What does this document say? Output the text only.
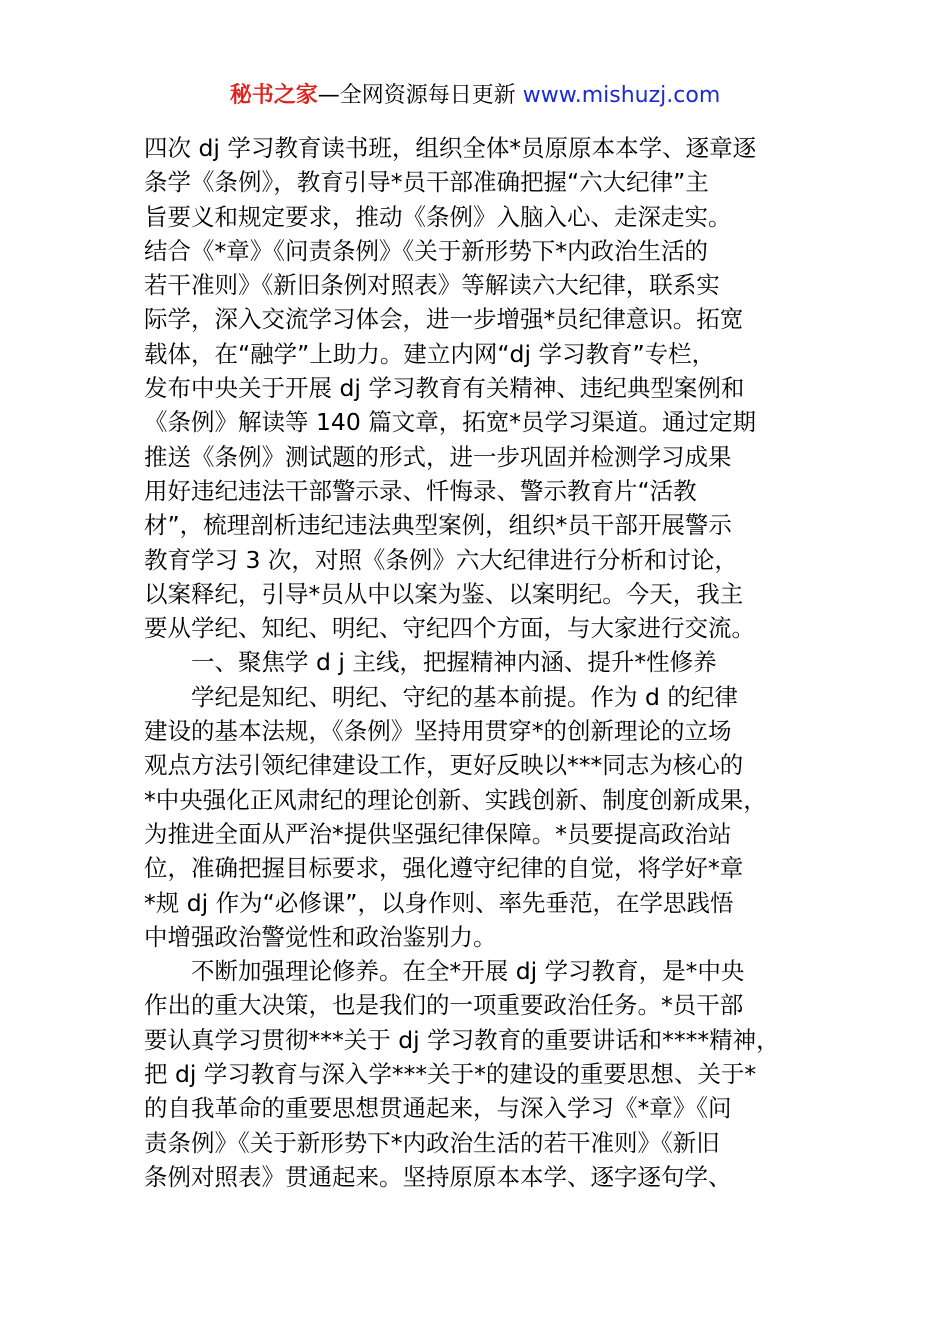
秘书之家—全网资源每日更新 www.mishuzj.com
四次 dj 学习教育读书班，组织全体*员原原本本学、逐章逐
条学《条例》，教育引导*员干部准确把握“六大纪律”主
旨要义和规定要求，推动《条例》入脑入心、走深走实。
结合《*章》《问责条例》《关于新形势下*内政治生活的
若干准则》《新旧条例对照表》等解读六大纪律，联系实
际学，深入交流学习体会，进一步增强*员纪律意识。拓宽
载体，在“融学”上助力。建立内网“dj 学习教育”专栏，
发布中央关于开展 dj 学习教育有关精神、违纪典型案例和
《条例》解读等 140 篇文章，拓宽*员学习渠道。通过定期
推送《条例》测试题的形式，进一步巩固并检测学习成果
用好违纪违法干部警示录、忏悔录、警示教育片“活教
材”，梳理剖析违纪违法典型案例，组织*员干部开展警示
教育学习 3 次，对照《条例》六大纪律进行分析和讨论，
以案释纪，引导*员从中以案为鉴、以案明纪。今天，我主
要从学纪、知纪、明纪、守纪四个方面，与大家进行交流。
一、聚焦学 d j 主线，把握精神内涵、提升*性修养
学纪是知纪、明纪、守纪的基本前提。作为 d 的纪律
建设的基本法规，《条例》坚持用贯穿*的创新理论的立场
观点方法引领纪律建设工作，更好反映以***同志为核心的
*中央强化正风肃纪的理论创新、实践创新、制度创新成果，
为推进全面从严治*提供坚强纪律保障。*员要提高政治站
位，准确把握目标要求，强化遵守纪律的自觉，将学好*章
*规 dj 作为“必修课”，以身作则、率先垂范，在学思践悟
中增强政治警觉性和政治鉴别力。
不断加强理论修养。在全*开展 dj 学习教育，是*中央
作出的重大决策，也是我们的一项重要政治任务。*员干部
要认真学习贯彻***关于 dj 学习教育的重要讲话和****精神，
把 dj 学习教育与深入学***关于*的建设的重要思想、关于*
的自我革命的重要思想贯通起来，与深入学习《*章》《问
责条例》《关于新形势下*内政治生活的若干准则》《新旧
条例对照表》贯通起来。坚持原原本本学、逐字逐句学、
